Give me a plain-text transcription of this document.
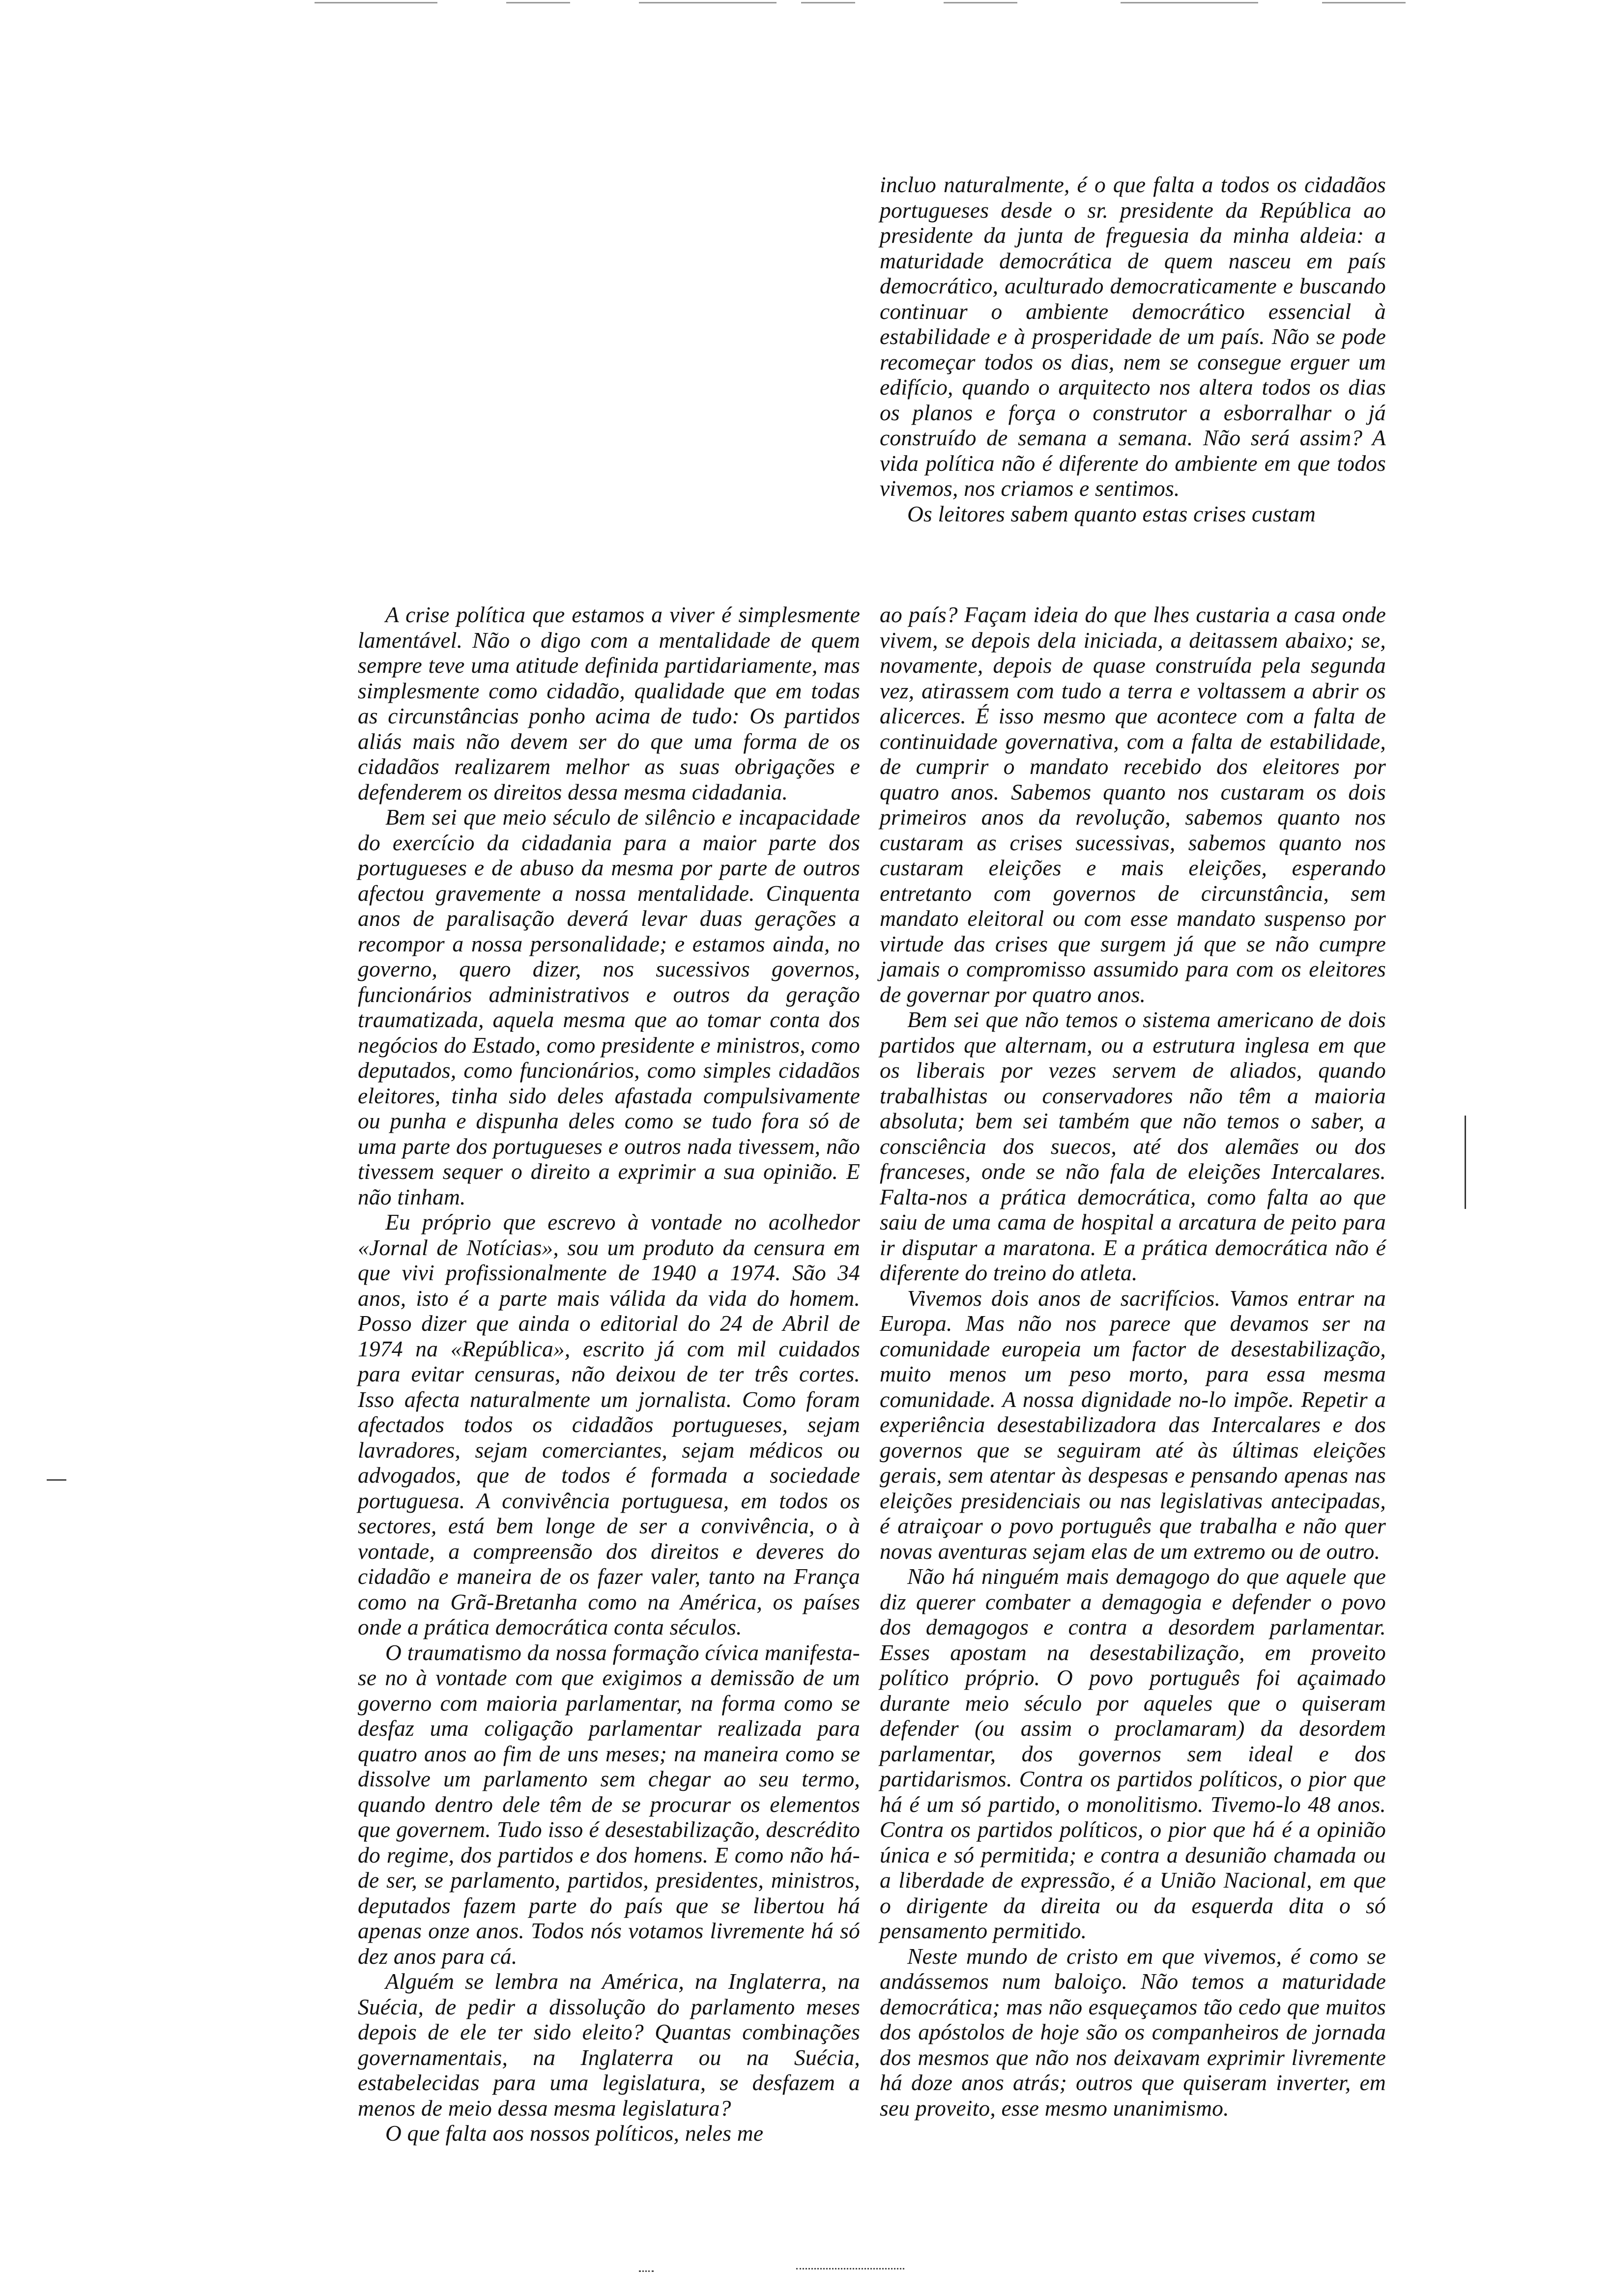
A crise política que estamos a viver é simplesmente lamentável. Não o digo com a mentalidade de quem sempre teve uma atitude definida partidariamente, mas simplesmente como cidadão, qualidade que em todas as circunstâncias ponho acima de tudo: Os partidos aliás mais não devem ser do que uma forma de os cidadãos realizarem melhor as suas obrigações e defenderem os direitos dessa mesma cidadania.

Bem sei que meio século de silêncio e incapacidade do exercício da cidadania para a maior parte dos portugueses e de abuso da mesma por parte de outros afectou gravemente a nossa mentalidade. Cinquenta anos de paralisação deverá levar duas gerações a recompor a nossa personalidade; e estamos ainda, no governo, quero dizer, nos sucessivos governos, funcionários administrativos e outros da geração traumatizada, aquela mesma que ao tomar conta dos negócios do Estado, como presidente e ministros, como deputados, como funcionários, como simples cidadãos eleitores, tinha sido deles afastada compulsivamente ou punha e dispunha deles como se tudo fora só de uma parte dos portugueses e outros nada tivessem, não tivessem sequer o direito a exprimir a sua opinião. E não tinham.

Eu próprio que escrevo à vontade no acolhedor «Jornal de Notícias», sou um produto da censura em que vivi profissionalmente de 1940 a 1974. São 34 anos, isto é a parte mais válida da vida do homem. Posso dizer que ainda o editorial do 24 de Abril de 1974 na «República», escrito já com mil cuidados para evitar censuras, não deixou de ter três cortes. Isso afecta naturalmente um jornalista. Como foram afectados todos os cidadãos portugueses, sejam lavradores, sejam comerciantes, sejam médicos ou advogados, que de todos é formada a sociedade portuguesa. A convivência portuguesa, em todos os sectores, está bem longe de ser a convivência, o à vontade, a compreensão dos direitos e deveres do cidadão e maneira de os fazer valer, tanto na França como na Grã-Bretanha como na América, os países onde a prática democrática conta séculos.

O traumatismo da nossa formação cívica manifesta-se no à vontade com que exigimos a demissão de um governo com maioria parlamentar, na forma como se desfaz uma coligação parlamentar realizada para quatro anos ao fim de uns meses; na maneira como se dissolve um parlamento sem chegar ao seu termo, quando dentro dele têm de se procurar os elementos que governem. Tudo isso é desestabilização, descrédito do regime, dos partidos e dos homens. E como não há-de ser, se parlamento, partidos, presidentes, ministros, deputados fazem parte do país que se libertou há apenas onze anos. Todos nós votamos livremente há só dez anos para cá.

Alguém se lembra na América, na Inglaterra, na Suécia, de pedir a dissolução do parlamento meses depois de ele ter sido eleito? Quantas combinações governamentais, na Inglaterra ou na Suécia, estabelecidas para uma legislatura, se desfazem a menos de meio dessa mesma legislatura?

O que falta aos nossos políticos, neles me

incluo naturalmente, é o que falta a todos os cidadãos portugueses desde o sr. presidente da República ao presidente da junta de freguesia da minha aldeia: a maturidade democrática de quem nasceu em país democrático, aculturado democraticamente e buscando continuar o ambiente democrático essencial à estabilidade e à prosperidade de um país. Não se pode recomeçar todos os dias, nem se consegue erguer um edifício, quando o arquitecto nos altera todos os dias os planos e força o construtor a esborralhar o já construído de semana a semana. Não será assim? A vida política não é diferente do ambiente em que todos vivemos, nos criamos e sentimos.

Os leitores sabem quanto estas crises custam

ao país? Façam ideia do que lhes custaria a casa onde vivem, se depois dela iniciada, a deitassem abaixo; se, novamente, depois de quase construída pela segunda vez, atirassem com tudo a terra e voltassem a abrir os alicerces. É isso mesmo que acontece com a falta de continuidade governativa, com a falta de estabilidade, de cumprir o mandato recebido dos eleitores por quatro anos. Sabemos quanto nos custaram os dois primeiros anos da revolução, sabemos quanto nos custaram as crises sucessivas, sabemos quanto nos custaram eleições e mais eleições, esperando entretanto com governos de circunstância, sem mandato eleitoral ou com esse mandato suspenso por virtude das crises que surgem já que se não cumpre jamais o compromisso assumido para com os eleitores de governar por quatro anos.

Bem sei que não temos o sistema americano de dois partidos que alternam, ou a estrutura inglesa em que os liberais por vezes servem de aliados, quando trabalhistas ou conservadores não têm a maioria absoluta; bem sei também que não temos o saber, a consciência dos suecos, até dos alemães ou dos franceses, onde se não fala de eleições Intercalares. Falta-nos a prática democrática, como falta ao que saiu de uma cama de hospital a arcatura de peito para ir disputar a maratona. E a prática democrática não é diferente do treino do atleta.

Vivemos dois anos de sacrifícios. Vamos entrar na Europa. Mas não nos parece que devamos ser na comunidade europeia um factor de desestabilização, muito menos um peso morto, para essa mesma comunidade. A nossa dignidade no-lo impõe. Repetir a experiência desestabilizadora das Intercalares e dos governos que se seguiram até às últimas eleições gerais, sem atentar às despesas e pensando apenas nas eleições presidenciais ou nas legislativas antecipadas, é atraiçoar o povo português que trabalha e não quer novas aventuras sejam elas de um extremo ou de outro.

Não há ninguém mais demagogo do que aquele que diz querer combater a demagogia e defender o povo dos demagogos e contra a desordem parlamentar. Esses apostam na desestabilização, em proveito político próprio. O povo português foi açaimado durante meio século por aqueles que o quiseram defender (ou assim o proclamaram) da desordem parlamentar, dos governos sem ideal e dos partidarismos. Contra os partidos políticos, o pior que há é um só partido, o monolitismo. Tivemo-lo 48 anos. Contra os partidos políticos, o pior que há é a opinião única e só permitida; e contra a desunião chamada ou a liberdade de expressão, é a União Nacional, em que o dirigente da direita ou da esquerda dita o só pensamento permitido.

Neste mundo de cristo em que vivemos, é como se andássemos num baloiço. Não temos a maturidade democrática; mas não esqueçamos tão cedo que muitos dos apóstolos de hoje são os companheiros de jornada dos mesmos que não nos deixavam exprimir livremente há doze anos atrás; outros que quiseram inverter, em seu proveito, esse mesmo unanimismo.
